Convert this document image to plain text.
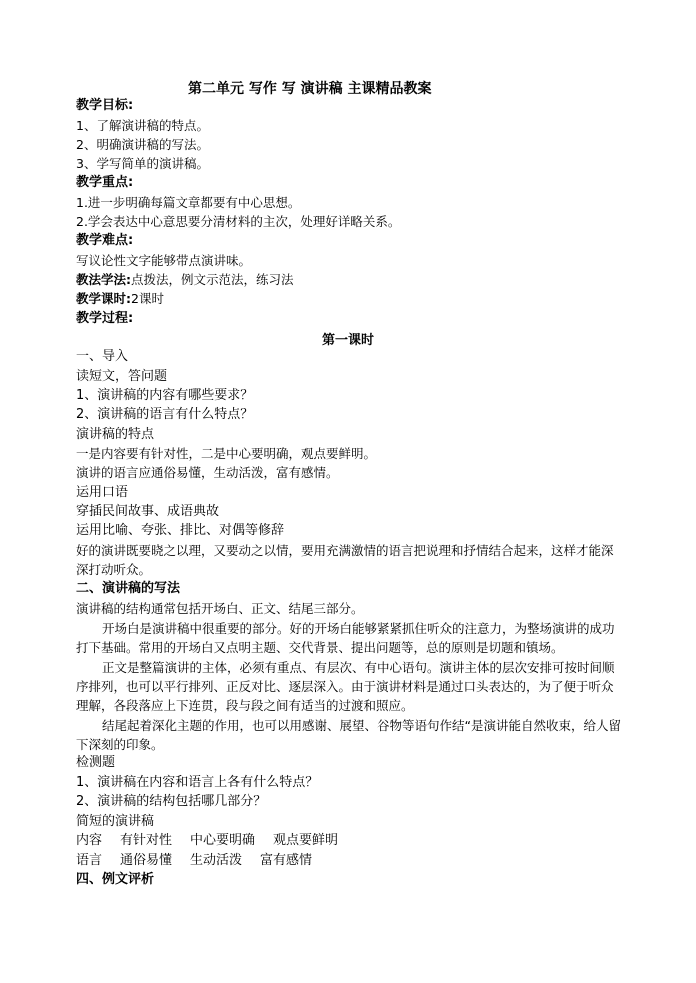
第二单元 写作 写 演讲稿 主课精品教案
教学目标:
1、了解演讲稿的特点。
2、明确演讲稿的写法。
3、学写简单的演讲稿。
教学重点:
1.进一步明确每篇文章都要有中心思想。
2.学会表达中心意思要分清材料的主次，处理好详略关系。
教学难点:
写议论性文字能够带点演讲味。
教法学法:点拨法，例文示范法，练习法
教学课时:2课时
教学过程:
第一课时
一、导入
读短文，答问题
1、演讲稿的内容有哪些要求？
2、演讲稿的语言有什么特点？
演讲稿的特点
一是内容要有针对性，二是中心要明确，观点要鲜明。
演讲的语言应通俗易懂，生动活泼，富有感情。
运用口语
穿插民间故事、成语典故
运用比喻、夸张、排比、对偶等修辞
好的演讲既要晓之以理，又要动之以情，要用充满激情的语言把说理和抒情结合起来，这样才能深深打动听众。
二、演讲稿的写法
演讲稿的结构通常包括开场白、正文、结尾三部分。
开场白是演讲稿中很重要的部分。好的开场白能够紧紧抓住听众的注意力，为整场演讲的成功打下基础。常用的开场白又点明主题、交代背景、提出问题等，总的原则是切题和镇场。
正文是整篇演讲的主体，必须有重点、有层次、有中心语句。演讲主体的层次安排可按时间顺序排列，也可以平行排列、正反对比、逐层深入。由于演讲材料是通过口头表达的，为了便于听众理解，各段落应上下连贯，段与段之间有适当的过渡和照应。
结尾起着深化主题的作用，也可以用感谢、展望、谷物等语句作结“是演讲能自然收束，给人留下深刻的印象。
检测题
1、演讲稿在内容和语言上各有什么特点？
2、演讲稿的结构包括哪几部分？
简短的演讲稿
内容 有针对性 中心要明确 观点要鲜明
语言 通俗易懂 生动活泼 富有感情
四、例文评析
